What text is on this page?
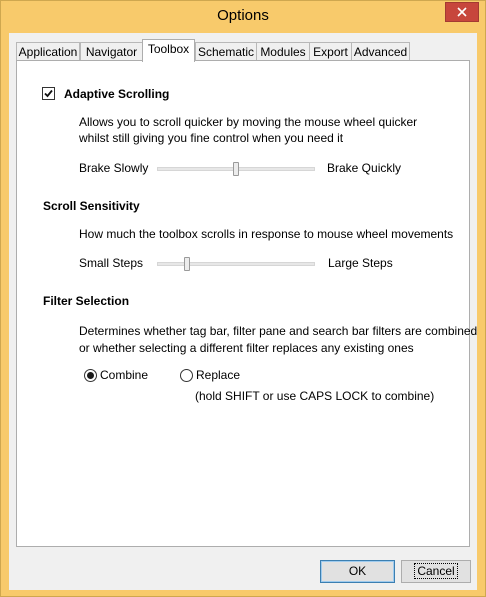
Options
Application Navigator Toolbox Schematic Modules Export Advanced
Adaptive Scrolling
Allows you to scroll quicker by moving the mouse wheel quicker
whilst still giving you fine control when you need it
Brake Slowly	Brake Quickly
Scroll Sensitivity
How much the toolbox scrolls in response to mouse wheel movements
Small Steps	Large Steps
Filter Selection
Determines whether tag bar, filter pane and search bar filters are combined
or whether selecting a different filter replaces any existing ones
Combine	Replace
(hold SHIFT or use CAPS LOCK to combine)
OK	Cancel
